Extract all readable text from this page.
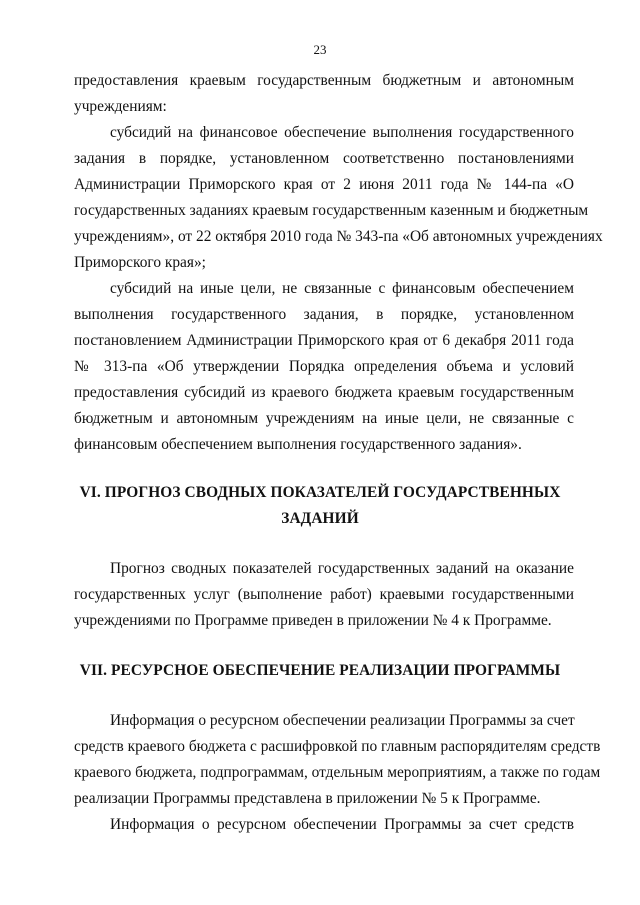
23
предоставления краевым государственным бюджетным и автономным
учреждениям:
субсидий на финансовое обеспечение выполнения государственного
задания в порядке, установленном соответственно постановлениями
Администрации Приморского края от 2 июня 2011 года № 144-па «О
государственных заданиях краевым государственным казенным и бюджетным
учреждениям», от 22 октября 2010 года № 343-па «Об автономных учреждениях
Приморского края»;
субсидий на иные цели, не связанные с финансовым обеспечением
выполнения государственного задания, в порядке, установленном
постановлением Администрации Приморского края от 6 декабря 2011 года
№ 313-па «Об утверждении Порядка определения объема и условий
предоставления субсидий из краевого бюджета краевым государственным
бюджетным и автономным учреждениям на иные цели, не связанные с
финансовым обеспечением выполнения государственного задания».
VI. ПРОГНОЗ СВОДНЫХ ПОКАЗАТЕЛЕЙ ГОСУДАРСТВЕННЫХ
ЗАДАНИЙ
Прогноз сводных показателей государственных заданий на оказание
государственных услуг (выполнение работ) краевыми государственными
учреждениями по Программе приведен в приложении № 4 к Программе.
VII. РЕСУРСНОЕ ОБЕСПЕЧЕНИЕ РЕАЛИЗАЦИИ ПРОГРАММЫ
Информация о ресурсном обеспечении реализации Программы за счет
средств краевого бюджета с расшифровкой по главным распорядителям средств
краевого бюджета, подпрограммам, отдельным мероприятиям, а также по годам
реализации Программы представлена в приложении № 5 к Программе.
Информация о ресурсном обеспечении Программы за счет средств
